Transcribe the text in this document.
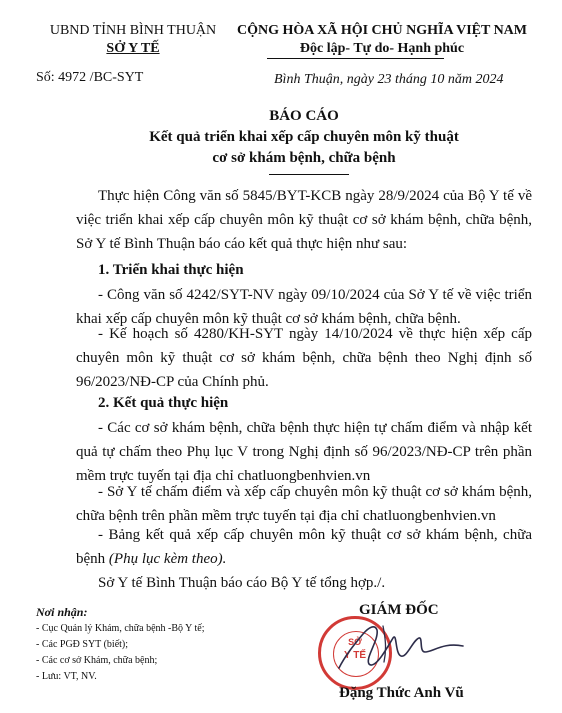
UBND TỈNH BÌNH THUẬN
SỞ Y TẾ
Số: 4972 /BC-SYT
CỘNG HÒA XÃ HỘI CHỦ NGHĨA VIỆT NAM
Độc lập- Tự do- Hạnh phúc
Bình Thuận, ngày 23 tháng 10 năm 2024
BÁO CÁO
Kết quả triển khai xếp cấp chuyên môn kỹ thuật
cơ sở khám bệnh, chữa bệnh
Thực hiện Công văn số 5845/BYT-KCB ngày 28/9/2024 của Bộ Y tế về việc triển khai xếp cấp chuyên môn kỹ thuật cơ sở khám bệnh, chữa bệnh, Sở Y tế Bình Thuận báo cáo kết quả thực hiện như sau:
1. Triển khai thực hiện
- Công văn số 4242/SYT-NV ngày 09/10/2024 của Sở Y tế về việc triển khai xếp cấp chuyên môn kỹ thuật cơ sở khám bệnh, chữa bệnh.
- Kế hoạch số 4280/KH-SYT ngày 14/10/2024 về thực hiện xếp cấp chuyên môn kỹ thuật cơ sở khám bệnh, chữa bệnh theo Nghị định số 96/2023/NĐ-CP của Chính phủ.
2. Kết quả thực hiện
- Các cơ sở khám bệnh, chữa bệnh thực hiện tự chấm điểm và nhập kết quả tự chấm theo Phụ lục V trong Nghị định số 96/2023/NĐ-CP trên phần mềm trực tuyến tại địa chỉ chatluongbenhvien.vn
- Sở Y tế chấm điểm và xếp cấp chuyên môn kỹ thuật cơ sở khám bệnh, chữa bệnh trên phần mềm trực tuyến tại địa chỉ chatluongbenhvien.vn
- Bảng kết quả xếp cấp chuyên môn kỹ thuật cơ sở khám bệnh, chữa bệnh (Phụ lục kèm theo).
Sở Y tế Bình Thuận báo cáo Bộ Y tế tổng hợp./.
Nơi nhận:
- Cục Quản lý Khám, chữa bệnh -Bộ Y tế;
- Các PGĐ SYT (biết);
- Các cơ sở Khám, chữa bệnh;
- Lưu: VT, NV.
GIÁM ĐỐC
SỞ
Y TẾ
Đặng Thức Anh Vũ
